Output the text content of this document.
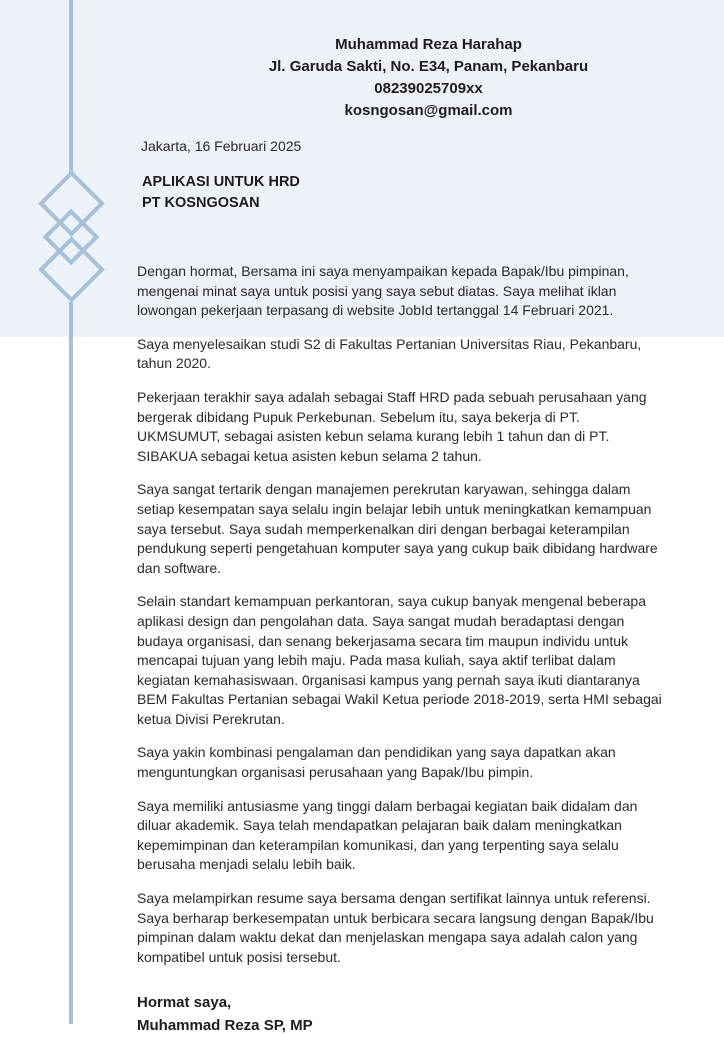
Muhammad Reza Harahap
Jl. Garuda Sakti, No. E34, Panam, Pekanbaru
08239025709xx
kosngosan@gmail.com
Jakarta, 16 Februari 2025
APLIKASI UNTUK HRD
PT KOSNGOSAN

Dengan hormat, Bersama ini saya menyampaikan kepada Bapak/Ibu pimpinan, mengenai minat saya untuk posisi yang saya sebut diatas. Saya melihat iklan lowongan pekerjaan terpasang di website JobId tertanggal 14 Februari 2021.

Saya menyelesaikan studi S2 di Fakultas Pertanian Universitas Riau, Pekanbaru, tahun 2020.

Pekerjaan terakhir saya adalah sebagai Staff HRD pada sebuah perusahaan yang bergerak dibidang Pupuk Perkebunan. Sebelum itu, saya bekerja di PT. UKMSUMUT, sebagai asisten kebun selama kurang lebih 1 tahun dan di PT. SIBAKUA sebagai ketua asisten kebun selama 2 tahun.

Saya sangat tertarik dengan manajemen perekrutan karyawan, sehingga dalam setiap kesempatan saya selalu ingin belajar lebih untuk meningkatkan kemampuan saya tersebut. Saya sudah memperkenalkan diri dengan berbagai keterampilan pendukung seperti pengetahuan komputer saya yang cukup baik dibidang hardware dan software.

Selain standart kemampuan perkantoran, saya cukup banyak mengenal beberapa aplikasi design dan pengolahan data. Saya sangat mudah beradaptasi dengan budaya organisasi, dan senang bekerjasama secara tim maupun individu untuk mencapai tujuan yang lebih maju. Pada masa kuliah, saya aktif terlibat dalam kegiatan kemahasiswaan. 0rganisasi kampus yang pernah saya ikuti diantaranya BEM Fakultas Pertanian sebagai Wakil Ketua periode 2018-2019, serta HMI sebagai ketua Divisi Perekrutan.

Saya yakin kombinasi pengalaman dan pendidikan yang saya dapatkan akan menguntungkan organisasi perusahaan yang Bapak/Ibu pimpin.

Saya memiliki antusiasme yang tinggi dalam berbagai kegiatan baik didalam dan diluar akademik. Saya telah mendapatkan pelajaran baik dalam meningkatkan kepemimpinan dan keterampilan komunikasi, dan yang terpenting saya selalu berusaha menjadi selalu lebih baik.

Saya melampirkan resume saya bersama dengan sertifikat lainnya untuk referensi. Saya berharap berkesempatan untuk berbicara secara langsung dengan Bapak/Ibu pimpinan dalam waktu dekat dan menjelaskan mengapa saya adalah calon yang kompatibel untuk posisi tersebut.

Hormat saya,
Muhammad Reza SP, MP
